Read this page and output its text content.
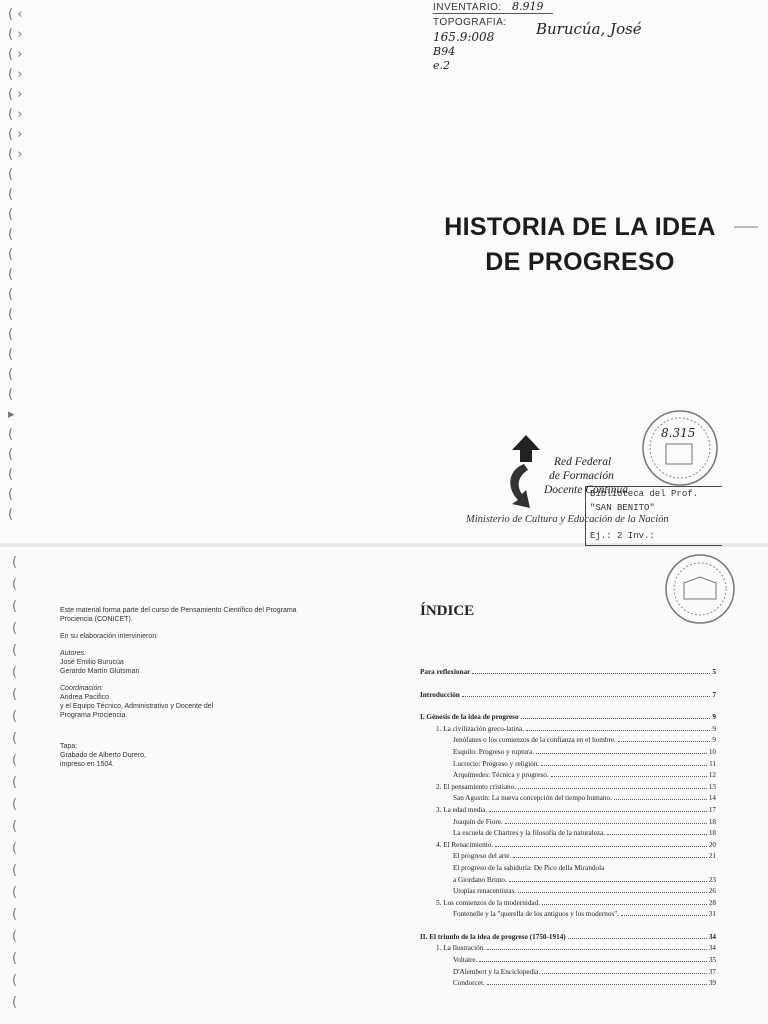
( ‹
( ›
( ›
( ›
( ›
( ›
( ›
( ›
(
(
(
(
(
(
(
(
(
(
(
(
▸
(
(
(
(
(
(
(
(
(
(
(
(
(
(
(
(
(
(
(
(
(
(
(
(
(
(
INVENTARIO: 8.919
TOPOGRAFIA:
165.9:008
B94
e.2
Burucúa, José
HISTORIA DE LA IDEA
DE PROGRESO
Red Federal
de Formación
Docente Continua
Ministerio de Cultura y Educación de la Nación
8.315
Biblioteca del Prof.
"SAN BENITO"
Ej.: 2 Inv.:

Este material forma parte del curso de Pensamiento Científico del Programa Prociencia (CONICET).

En su elaboración intervinieron:

Autores:
José Emilio Burucúa
Gerardo Martín Glutsman
Coordinación:
Andrea Pacifico
y el Equipo Técnico, Administrativo y Docente del
Programa Prociencia.
Tapa:
Grabado de Alberto Durero,
impreso en 1504.
ÍNDICE
Para reflexionar	5
Introducción	7
I. Génesis de la idea de progreso	9
1. La civilización greco-latina.	9
Jenófanes o los comienzos de la confianza en el hombre.	9
Esquilo: Progreso y ruptura.	10
Lucrecio: Progreso y religión.	11
Arquímedes: Técnica y progreso.	12
2. El pensamiento cristiano.	13
San Agustín: La nueva concepción del tiempo humano.	14
3. La edad media.	17
Joaquín de Fiore.	18
La escuela de Chartres y la filosofía de la naturaleza.	18
4. El Renacimiento.	20
El progreso del arte.	21
El progreso de la sabiduría: De Pico della Mirandola
a Giordano Bruno.	23
Utopías renacentistas.	26
5. Los comienzos de la modernidad.	28
Fontenelle y la "querella de los antiguos y los modernos".	31
II. El triunfo de la idea de progreso (1750-1914)	34
1. La Ilustración.	34
Voltaire.	35
D'Alembert y la Enciclopedia.	37
Condorcet.	39
